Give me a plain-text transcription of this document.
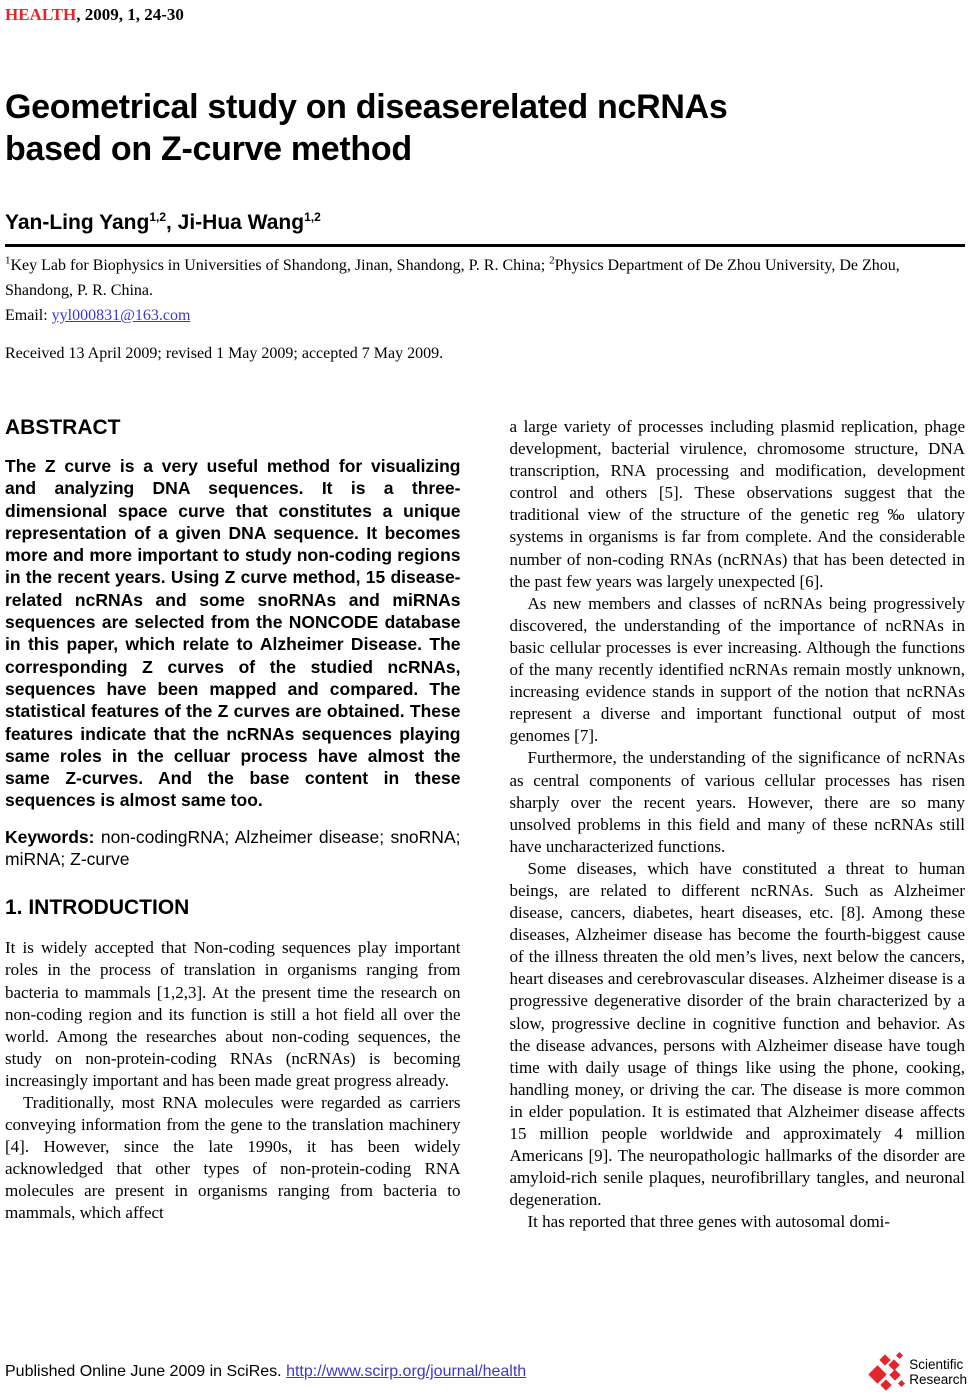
HEALTH, 2009, 1, 24-30
Geometrical study on diseaserelated ncRNAs
based on Z-curve method
Yan-Ling Yang$^{1,2}$, Ji-Hua Wang$^{1,2}$

$^1$Key Lab for Biophysics in Universities of Shandong, Jinan, Shandong, P. R. China; $^2$Physics Department of De Zhou University, De Zhou, Shandong, P. R. China.

Email: yyl000831@163.com

Received 13 April 2009; revised 1 May 2009; accepted 7 May 2009.
ABSTRACT

The Z curve is a very useful method for visualizing and analyzing DNA sequences. It is a three-dimensional space curve that constitutes a unique representation of a given DNA sequence. It becomes more and more important to study non-coding regions in the recent years. Using Z curve method, 15 disease-related ncRNAs and some snoRNAs and miRNAs sequences are selected from the NONCODE database in this paper, which relate to Alzheimer Disease. The corresponding Z curves of the studied ncRNAs, sequences have been mapped and compared. The statistical features of the Z curves are obtained. These features indicate that the ncRNAs sequences playing same roles in the celluar process have almost the same Z-curves. And the base content in these sequences is almost same too.

Keywords: non-codingRNA; Alzheimer disease; snoRNA; miRNA; Z-curve

1. INTRODUCTION

It is widely accepted that Non-coding sequences play important roles in the process of translation in organisms ranging from bacteria to mammals [1,2,3]. At the present time the research on non-coding region and its function is still a hot field all over the world. Among the researches about non-coding sequences, the study on non-protein-coding RNAs (ncRNAs) is becoming increasingly important and has been made great progress already.

Traditionally, most RNA molecules were regarded as carriers conveying information from the gene to the translation machinery [4]. However, since the late 1990s, it has been widely acknowledged that other types of non-protein-coding RNA molecules are present in organisms ranging from bacteria to mammals, which affect

a large variety of processes including plasmid replication, phage development, bacterial virulence, chromosome structure, DNA transcription, RNA processing and modification, development control and others [5]. These observations suggest that the traditional view of the structure of the genetic reg ‰ ulatory systems in organisms is far from complete. And the considerable number of non-coding RNAs (ncRNAs) that has been detected in the past few years was largely unexpected [6].

As new members and classes of ncRNAs being progressively discovered, the understanding of the importance of ncRNAs in basic cellular processes is ever increasing. Although the functions of the many recently identified ncRNAs remain mostly unknown, increasing evidence stands in support of the notion that ncRNAs represent a diverse and important functional output of most genomes [7].

Furthermore, the understanding of the significance of ncRNAs as central components of various cellular processes has risen sharply over the recent years. However, there are so many unsolved problems in this field and many of these ncRNAs still have uncharacterized functions.

Some diseases, which have constituted a threat to human beings, are related to different ncRNAs. Such as Alzheimer disease, cancers, diabetes, heart diseases, etc. [8]. Among these diseases, Alzheimer disease has become the fourth-biggest cause of the illness threaten the old men’s lives, next below the cancers, heart diseases and cerebrovascular diseases. Alzheimer disease is a progressive degenerative disorder of the brain characterized by a slow, progressive decline in cognitive function and behavior. As the disease advances, persons with Alzheimer disease have tough time with daily usage of things like using the phone, cooking, handling money, or driving the car. The disease is more common in elder population. It is estimated that Alzheimer disease affects 15 million people worldwide and approximately 4 million Americans [9]. The neuropathologic hallmarks of the disorder are amyloid-rich senile plaques, neurofibrillary tangles, and neuronal degeneration.

It has reported that three genes with autosomal domi-

Published Online June 2009 in SciRes. http://www.scirp.org/journal/health	Scientific
Research
